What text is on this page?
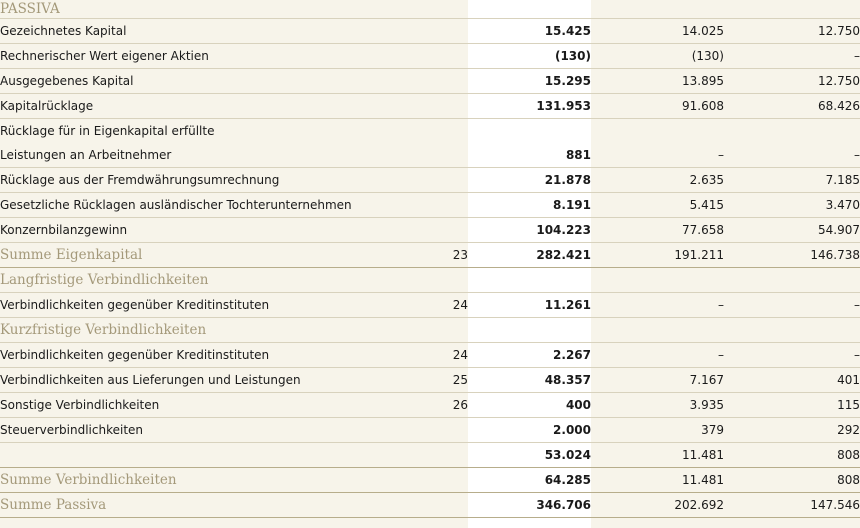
PASSIVA				
Gezeichnetes Kapital		15.425	14.025	12.750
Rechnerischer Wert eigener Aktien		(130)	(130)	–
Ausgegebenes Kapital		15.295	13.895	12.750
Kapitalrücklage		131.953	91.608	68.426
Rücklage für in Eigenkapital erfüllte				
Leistungen an Arbeitnehmer		881	–	–
Rücklage aus der Fremdwährungsumrechnung		21.878	2.635	7.185
Gesetzliche Rücklagen ausländischer Tochterunternehmen		8.191	5.415	3.470
Konzernbilanzgewinn		104.223	77.658	54.907
Summe Eigenkapital	23	282.421	191.211	146.738
Langfristige Verbindlichkeiten				
Verbindlichkeiten gegenüber Kreditinstituten	24	11.261	–	–
Kurzfristige Verbindlichkeiten				
Verbindlichkeiten gegenüber Kreditinstituten	24	2.267	–	–
Verbindlichkeiten aus Lieferungen und Leistungen	25	48.357	7.167	401
Sonstige Verbindlichkeiten	26	400	3.935	115
Steuerverbindlichkeiten		2.000	379	292
		53.024	11.481	808
Summe Verbindlichkeiten		64.285	11.481	808
Summe Passiva		346.706	202.692	147.546
